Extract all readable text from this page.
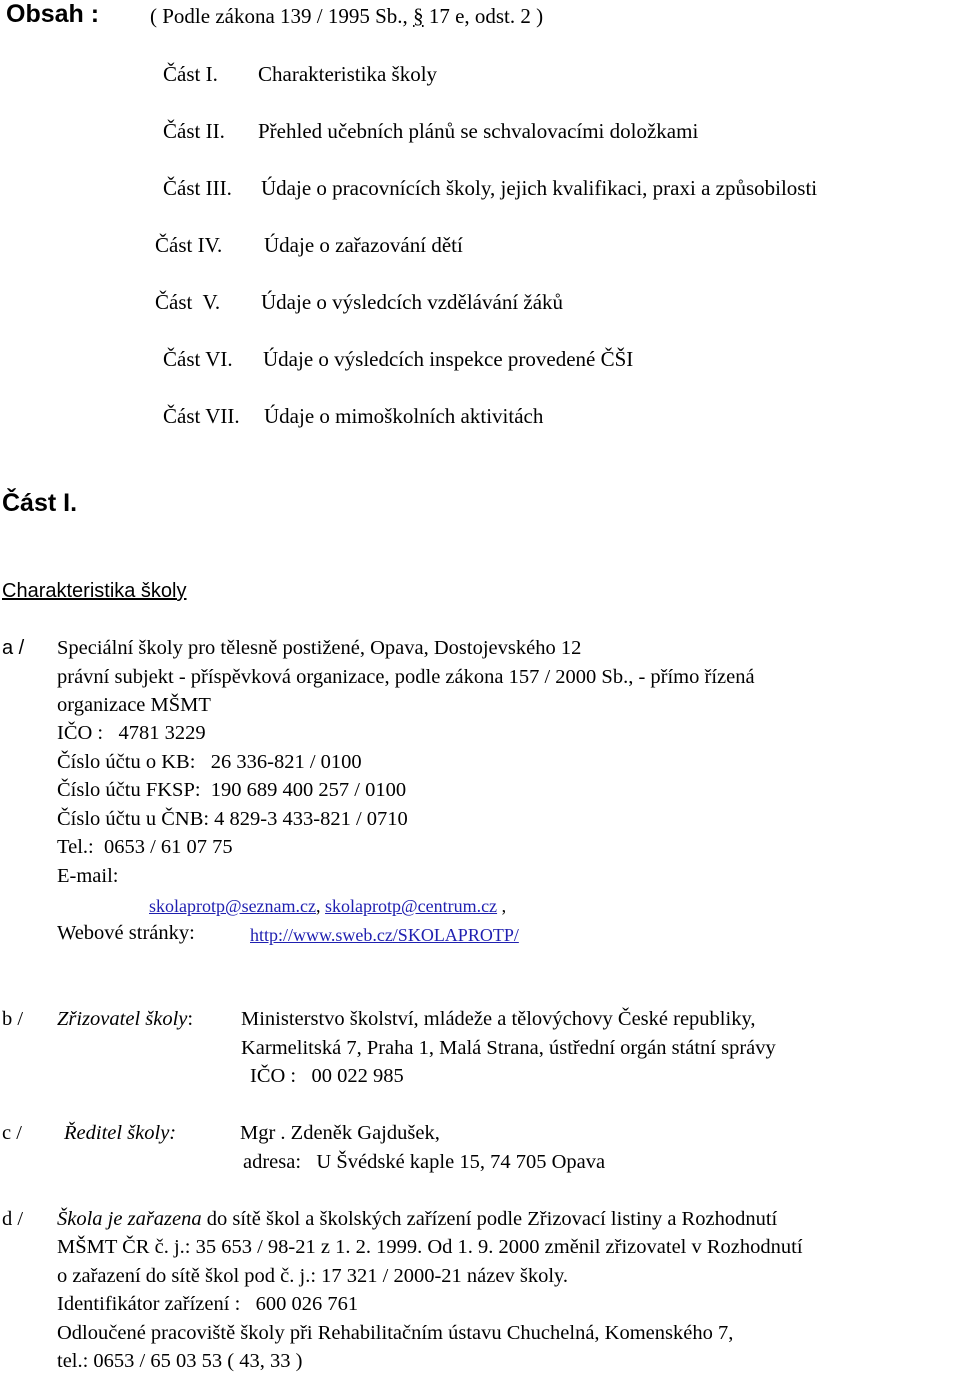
Obsah : ( Podle zákona 139 / 1995 Sb., § 17 e, odst. 2 )
Část I. Charakteristika školy
Část II. Přehled učebních plánů se schvalovacími doložkami
Část III. Údaje o pracovnících školy, jejich kvalifikaci, praxi a způsobilosti
Část IV. Údaje o zařazování dětí
Část  V. Údaje o výsledcích vzdělávání žáků
Část VI. Údaje o výsledcích inspekce provedené ČŠI
Část VII. Údaje o mimoškolních aktivitách
Část I.
Charakteristika školy
a / Speciální školy pro tělesně postižené, Opava, Dostojevského 12
právní subjekt - příspěvková organizace, podle zákona 157 / 2000 Sb., - přímo řízená
organizace MŠMT
IČO :   4781 3229
Číslo účtu o KB:   26 336-821 / 0100
Číslo účtu FKSP:  190 689 400 257 / 0100
Číslo účtu u ČNB: 4 829-3 433-821 / 0710
Tel.:  0653 / 61 07 75
E-mail:
skolaprotp@seznam.cz, skolaprotp@centrum.cz ,
Webové stránky:	http://www.sweb.cz/SKOLAPROTP/
b / Zřizovatel školy: Ministerstvo školství, mládeže a tělovýchovy České republiky,
Karmelitská 7, Praha 1, Malá Strana, ústřední orgán státní správy
IČO :   00 022 985
c / Ředitel školy:	Mgr . Zdeněk Gajdušek,
adresa:   U Švédské kaple 15, 74 705 Opava
d / Škola je zařazena do sítě škol a školských zařízení podle Zřizovací listiny a Rozhodnutí
MŠMT ČR č. j.: 35 653 / 98-21 z 1. 2. 1999. Od 1. 9. 2000 změnil zřizovatel v Rozhodnutí
o zařazení do sítě škol pod č. j.: 17 321 / 2000-21 název školy.
Identifikátor zařízení :   600 026 761
Odloučené pracoviště školy při Rehabilitačním ústavu Chuchelná, Komenského 7,
tel.: 0653 / 65 03 53 ( 43, 33 )
